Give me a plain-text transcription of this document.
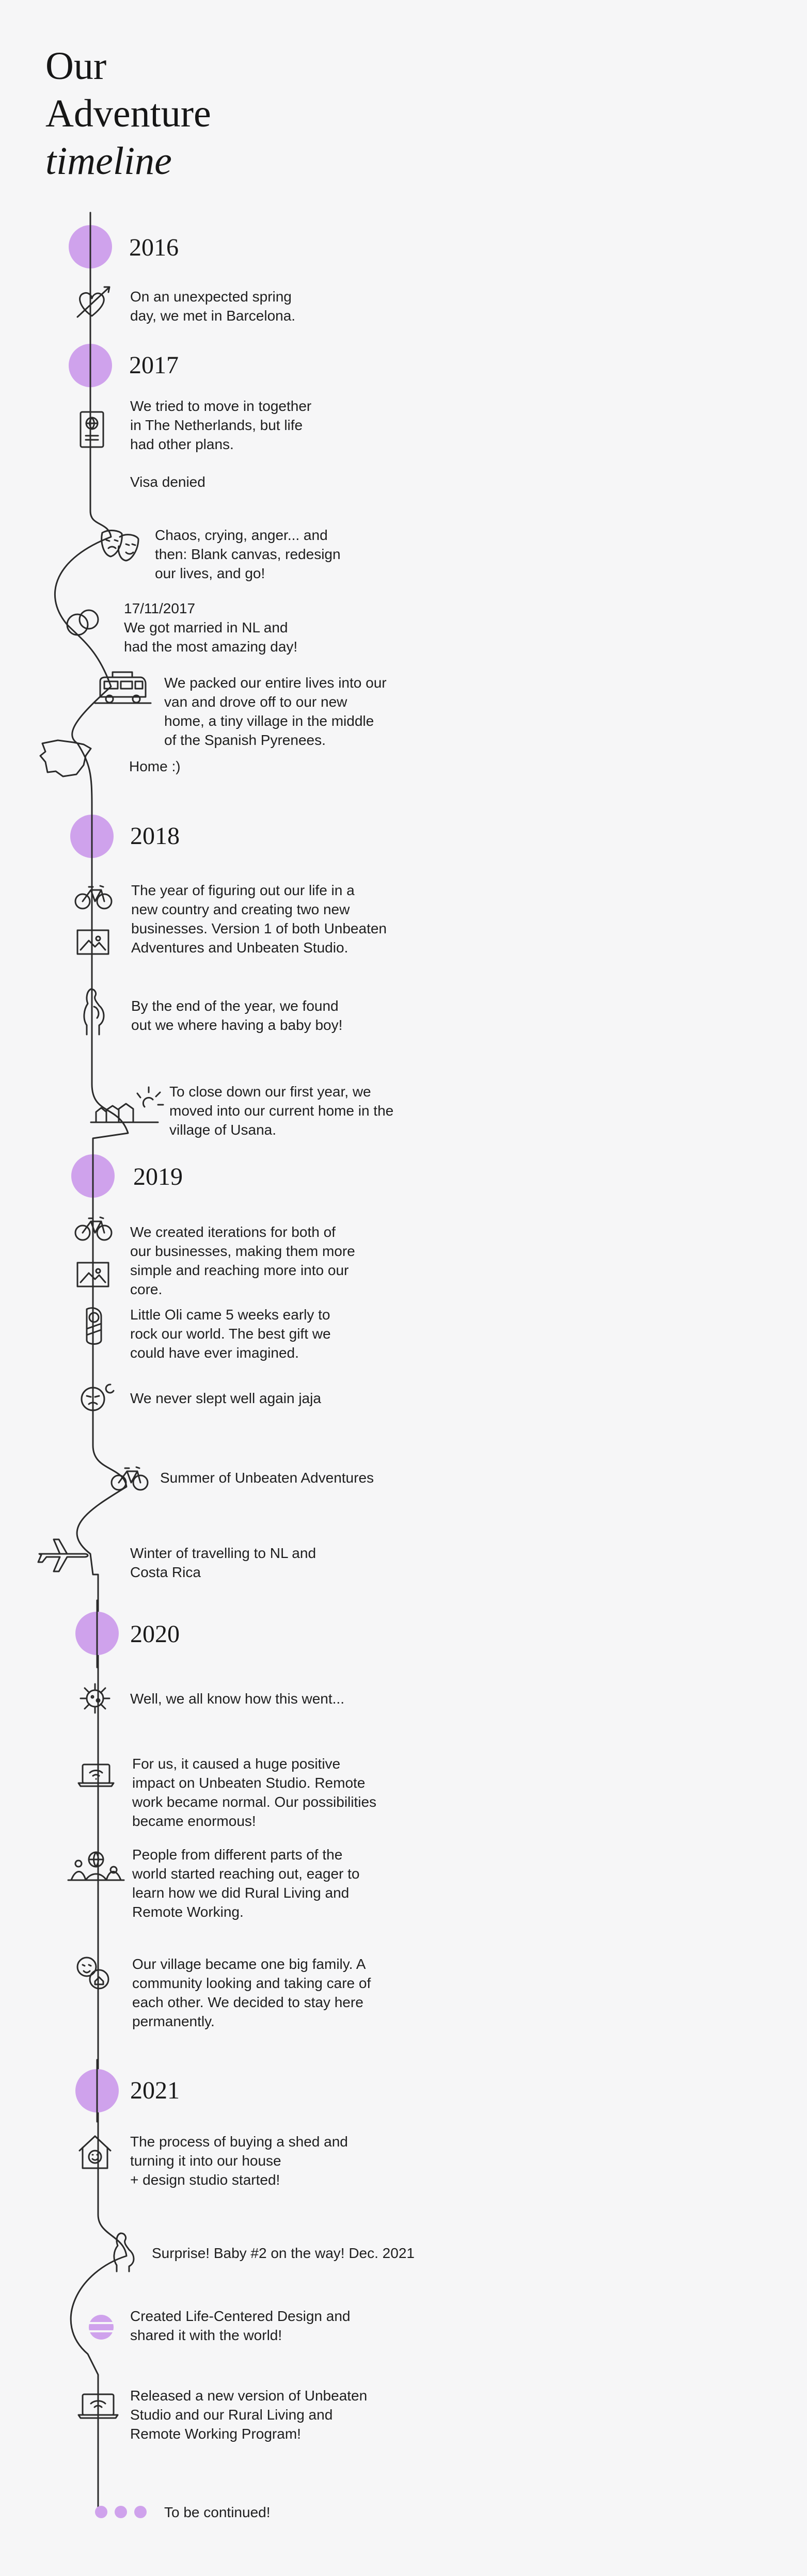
Our
Adventure
timeline
2016
2017
2018
2019
2020
2021
On an unexpected spring
day, we met in Barcelona.
We tried to move in together
in The Netherlands, but life
had other plans.
Visa denied
Chaos, crying, anger... and
then: Blank canvas, redesign
our lives, and go!
17/11/2017
We got married in NL and
had the most amazing day!
We packed our entire lives into our
van and drove off to our new
home, a tiny village in the middle
of the Spanish Pyrenees.
Home :)
The year of figuring out our life in a
new country and creating two new
businesses. Version 1 of both Unbeaten
Adventures and Unbeaten Studio.
By the end of the year, we found
out we where having a baby boy!
To close down our first year, we
moved into our current home in the
village of Usana.
We created iterations for both of
our businesses, making them more
simple and reaching more into our
core.
Little Oli came 5 weeks early to
rock our world. The best gift we
could have ever imagined.
We never slept well again jaja
Summer of Unbeaten Adventures
Winter of travelling to NL and
Costa Rica
Well, we all know how this went...
For us, it caused a huge positive
impact on Unbeaten Studio. Remote
work became normal. Our possibilities
became enormous!
People from different parts of the
world started reaching out, eager to
learn how we did Rural Living and
Remote Working.
Our village became one big family. A
community looking and taking care of
each other. We decided to stay here
permanently.
The process of buying a shed and
turning it into our house
+ design studio started!
Surprise! Baby #2 on the way! Dec. 2021
Created Life-Centered Design and
shared it with the world!
Released a new version of Unbeaten
Studio and our Rural Living and
Remote Working Program!
To be continued!
